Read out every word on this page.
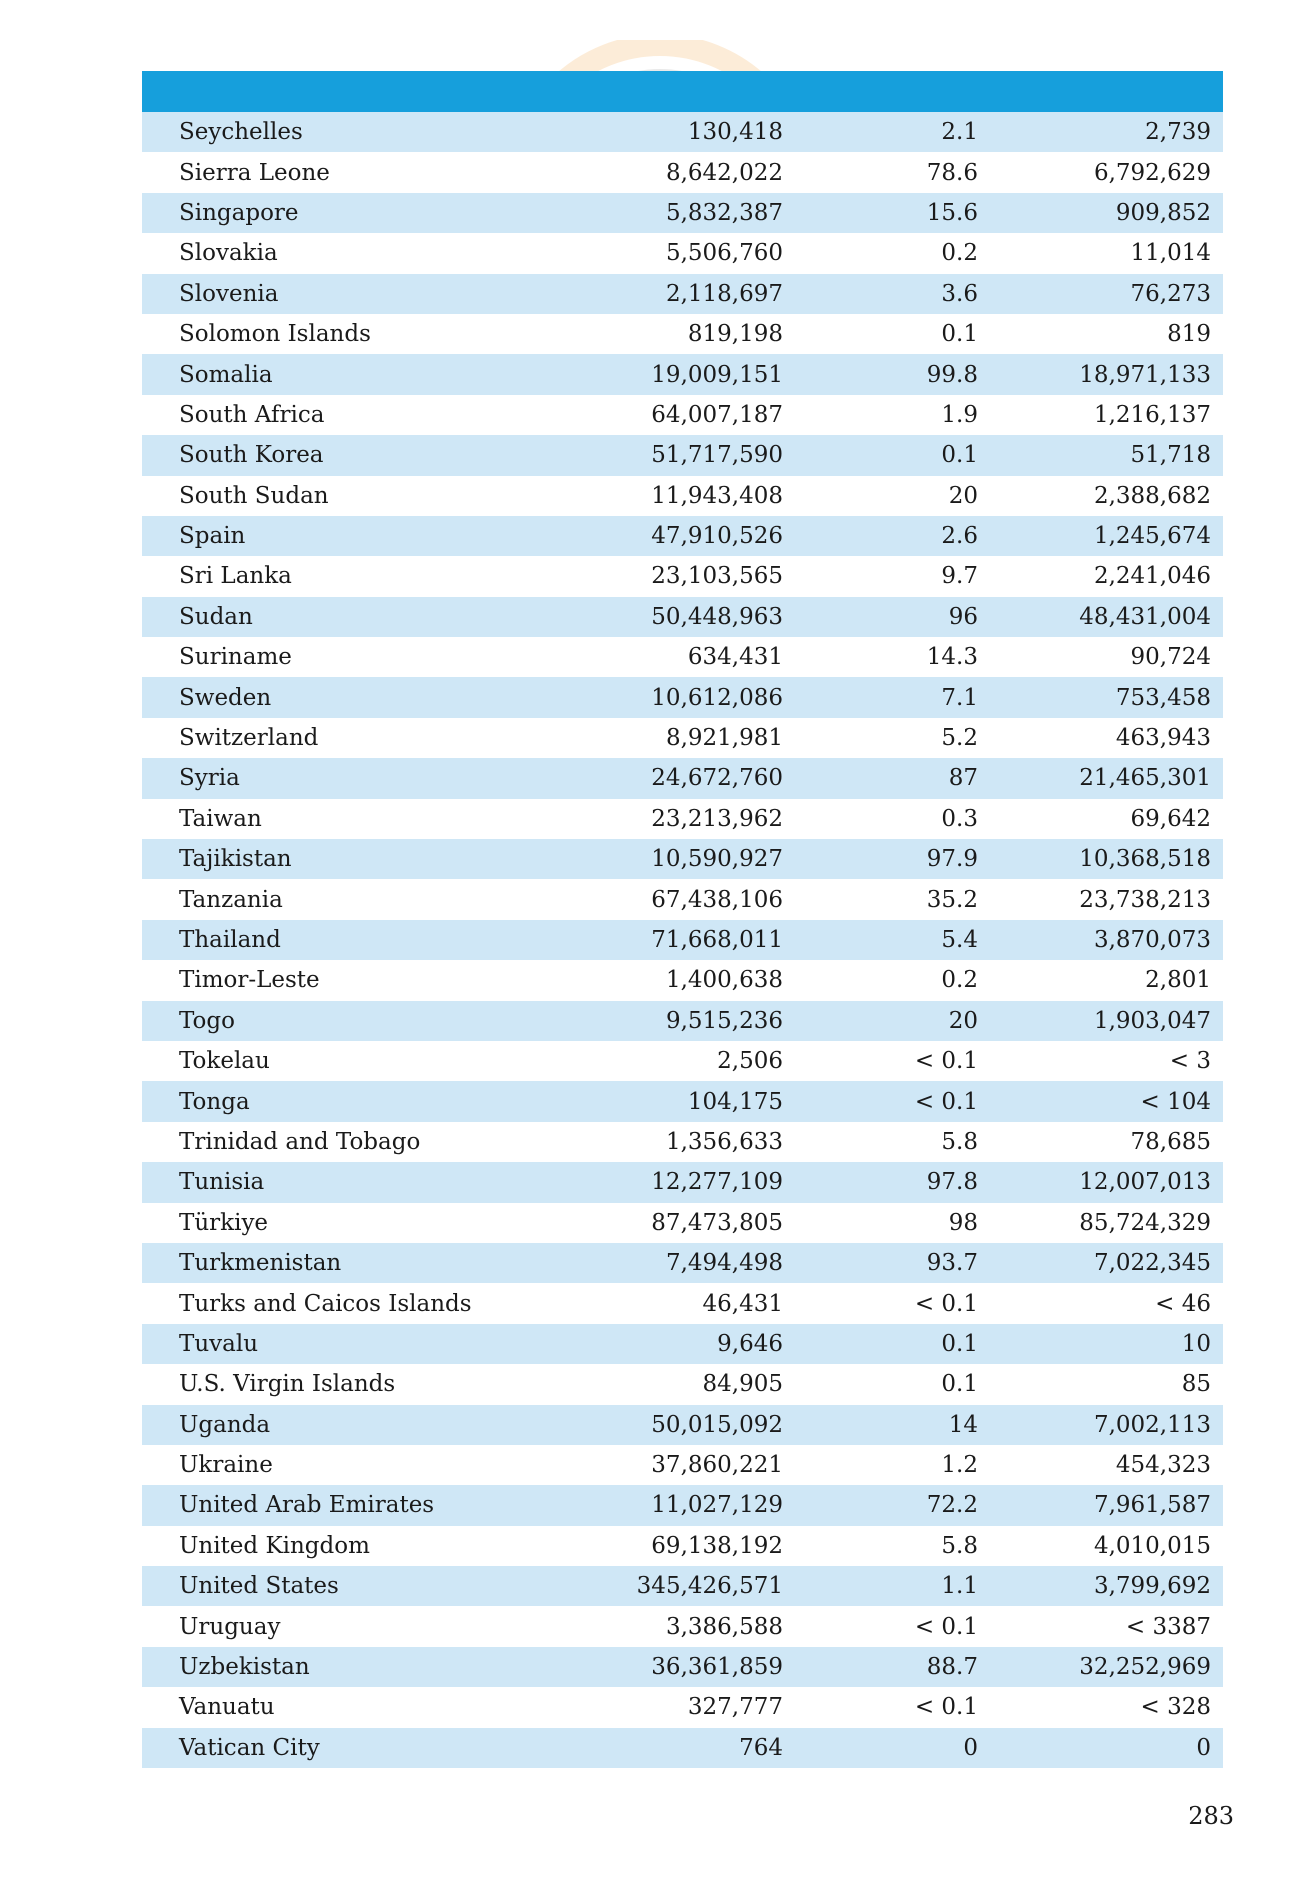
Seychelles	130,418	2.1	2,739
Sierra Leone	8,642,022	78.6	6,792,629
Singapore	5,832,387	15.6	909,852
Slovakia	5,506,760	0.2	11,014
Slovenia	2,118,697	3.6	76,273
Solomon Islands	819,198	0.1	819
Somalia	19,009,151	99.8	18,971,133
South Africa	64,007,187	1.9	1,216,137
South Korea	51,717,590	0.1	51,718
South Sudan	11,943,408	20	2,388,682
Spain	47,910,526	2.6	1,245,674
Sri Lanka	23,103,565	9.7	2,241,046
Sudan	50,448,963	96	48,431,004
Suriname	634,431	14.3	90,724
Sweden	10,612,086	7.1	753,458
Switzerland	8,921,981	5.2	463,943
Syria	24,672,760	87	21,465,301
Taiwan	23,213,962	0.3	69,642
Tajikistan	10,590,927	97.9	10,368,518
Tanzania	67,438,106	35.2	23,738,213
Thailand	71,668,011	5.4	3,870,073
Timor-Leste	1,400,638	0.2	2,801
Togo	9,515,236	20	1,903,047
Tokelau	2,506	< 0.1	< 3
Tonga	104,175	< 0.1	< 104
Trinidad and Tobago	1,356,633	5.8	78,685
Tunisia	12,277,109	97.8	12,007,013
Türkiye	87,473,805	98	85,724,329
Turkmenistan	7,494,498	93.7	7,022,345
Turks and Caicos Islands	46,431	< 0.1	< 46
Tuvalu	9,646	0.1	10
U.S. Virgin Islands	84,905	0.1	85
Uganda	50,015,092	14	7,002,113
Ukraine	37,860,221	1.2	454,323
United Arab Emirates	11,027,129	72.2	7,961,587
United Kingdom	69,138,192	5.8	4,010,015
United States	345,426,571	1.1	3,799,692
Uruguay	3,386,588	< 0.1	< 3387
Uzbekistan	36,361,859	88.7	32,252,969
Vanuatu	327,777	< 0.1	< 328
Vatican City	764	0	0
283
